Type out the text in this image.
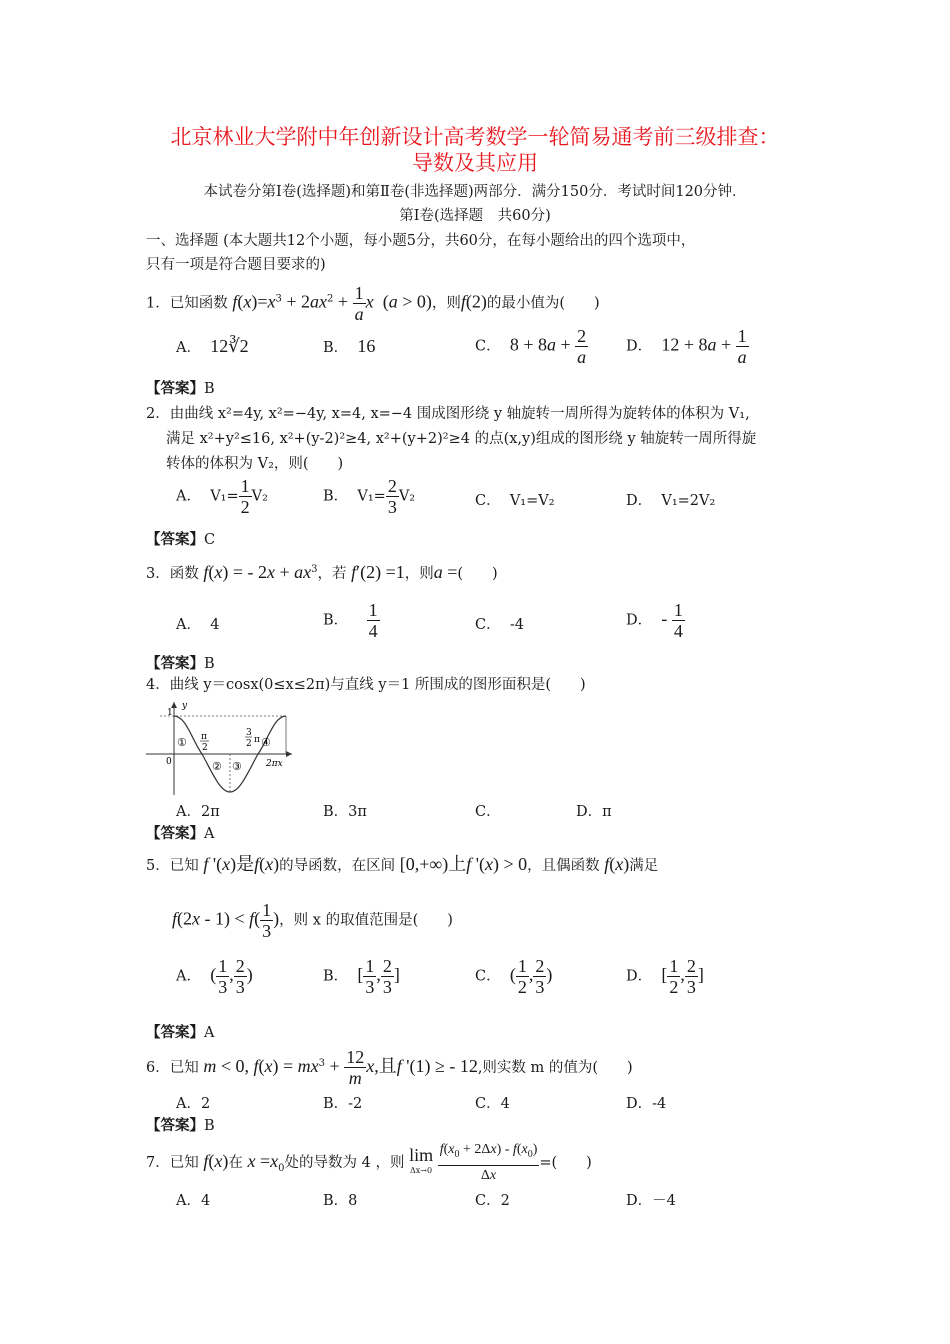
北京林业大学附中年创新设计高考数学一轮简易通考前三级排查：
导数及其应用
本试卷分第Ⅰ卷(选择题)和第Ⅱ卷(非选择题)两部分．满分150分．考试时间120分钟．
第Ⅰ卷(选择题　共60分)
一、选择题 (本大题共12个小题，每小题5分，共60分，在每小题给出的四个选项中，
只有一项是符合题目要求的)
1．已知函数 $f(x)=x^3 + 2ax^2 + \frac{1}{a}$ x  (a > 0)，则f(2)的最小值为(　　)
A． 12∛2	B． 16	C． $8 + 8a + \frac{2}{a}$	D． $12 + 8a + \frac{1}{a}$
【答案】B
2．由曲线 x²=4y, x²=−4y, x=4, x=−4 围成图形绕 y 轴旋转一周所得为旋转体的体积为 V₁,
满足 x²+y²≤16, x²+(y-2)²≥4, x²+(y+2)²≥4 的点(x,y)组成的图形绕 y 轴旋转一周所得旋
转体的体积为 V₂，则(　　)
A．  $V_1= \frac{1}{2} V_2$	B．  $V_1= \frac{2}{3} V_2$	C． V₁=V₂	D． V₁=2V₂
【答案】C
3．函数 f(x) = - $2x + ax^3$，若 f′(2) =1，则a =(　　)
A． 4	B． $\frac{1}{4}$	C． -4	D． - $\frac{1}{4}$
【答案】B
4．曲线 y＝cosx(0≤x≤2π)与直线 y＝1 所围成的图形面积是(　　)
y
1
0
①
② ③
④
π
2
3
2 π
2πx
A．2π	B．3π	C．	D．π
【答案】A
5．已知 f '(x)是f(x)的导函数，在区间 [0,+∞)上f '(x) > 0，且偶函数 f(x)满足
$f(2x - 1) < f( \frac{1}{3}$ )，则 x 的取值范围是(　　)
A． ( $\frac{1}{3}$ , $\frac{2}{3}$ )	B． [ $\frac{1}{3}$ , $\frac{2}{3}$ ]	C． ( $\frac{1}{2}$ , $\frac{2}{3}$ )	D． [ $\frac{1}{2}$ , $\frac{2}{3}$ ]
【答案】A
6．已知 m < 0, $f(x) = mx^3 + \frac{12}{m} x$,且f '(1) ≥ - 12,则实数 m 的值为(　　)
A．2	B．-2	C．4	D．-4
【答案】B
7．已知 f(x)在 $x =x_0$处的导数为 4 ，则 lim
$\Delta x\to 0 \frac{f(x_0 + 2\Delta x) - f(x_0)}{\Delta x}$ =(　　)
A．4	B．8	C．2	D．－4
